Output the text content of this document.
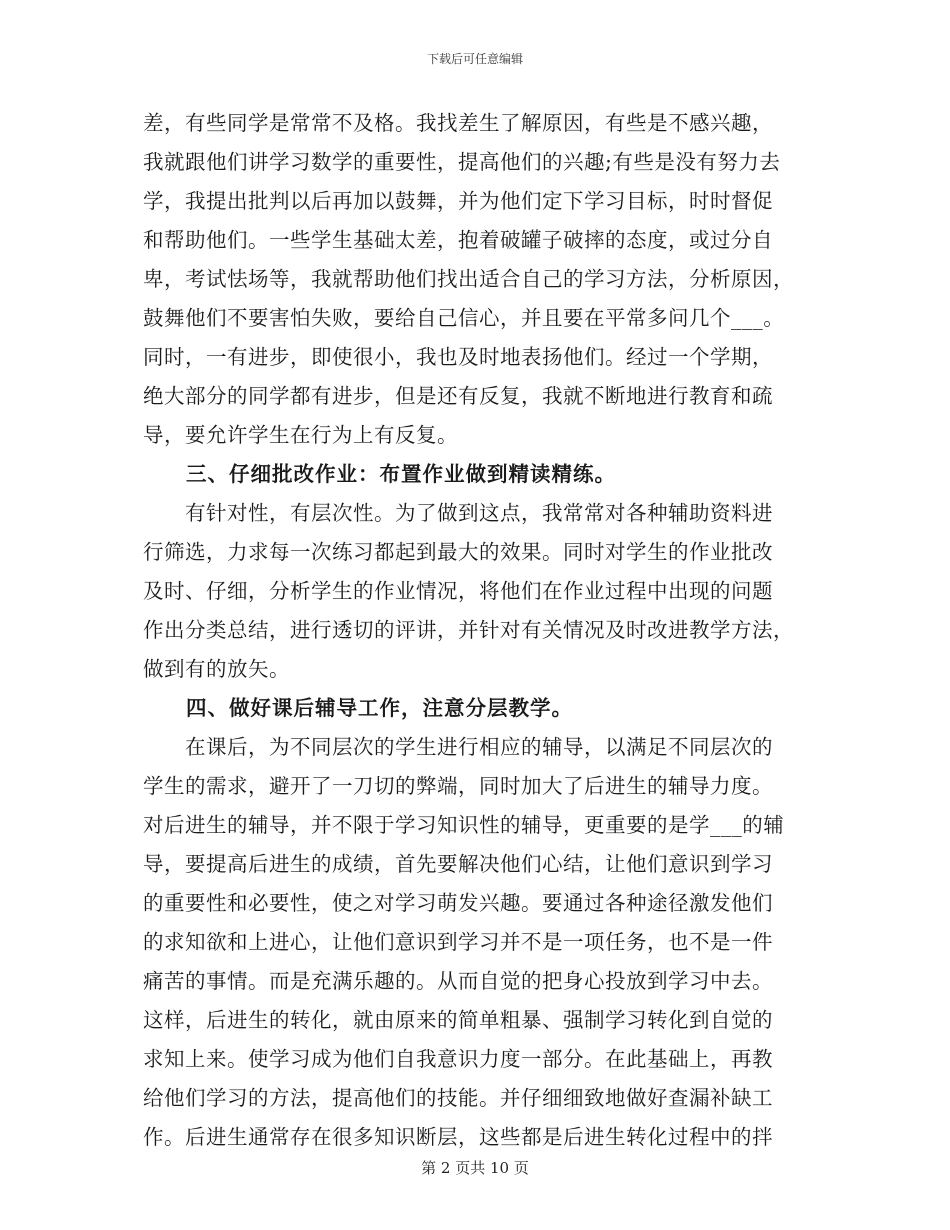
下载后可任意编辑
差，有些同学是常常不及格。我找差生了解原因，有些是不感兴趣，
我就跟他们讲学习数学的重要性，提高他们的兴趣;有些是没有努力去
学，我提出批判以后再加以鼓舞，并为他们定下学习目标，时时督促
和帮助他们。一些学生基础太差，抱着破罐子破摔的态度，或过分自
卑，考试怯场等，我就帮助他们找出适合自己的学习方法，分析原因，
鼓舞他们不要害怕失败，要给自己信心，并且要在平常多问几个___。
同时，一有进步，即使很小，我也及时地表扬他们。经过一个学期，
绝大部分的同学都有进步，但是还有反复，我就不断地进行教育和疏
导，要允许学生在行为上有反复。
　　三、仔细批改作业：布置作业做到精读精练。
　　有针对性，有层次性。为了做到这点，我常常对各种辅助资料进
行筛选，力求每一次练习都起到最大的效果。同时对学生的作业批改
及时、仔细，分析学生的作业情况，将他们在作业过程中出现的问题
作出分类总结，进行透切的评讲，并针对有关情况及时改进教学方法，
做到有的放矢。
　　四、做好课后辅导工作，注意分层教学。
　　在课后，为不同层次的学生进行相应的辅导，以满足不同层次的
学生的需求，避开了一刀切的弊端，同时加大了后进生的辅导力度。
对后进生的辅导，并不限于学习知识性的辅导，更重要的是学___的辅
导，要提高后进生的成绩，首先要解决他们心结，让他们意识到学习
的重要性和必要性，使之对学习萌发兴趣。要通过各种途径激发他们
的求知欲和上进心，让他们意识到学习并不是一项任务，也不是一件
痛苦的事情。而是充满乐趣的。从而自觉的把身心投放到学习中去。
这样，后进生的转化，就由原来的简单粗暴、强制学习转化到自觉的
求知上来。使学习成为他们自我意识力度一部分。在此基础上，再教
给他们学习的方法，提高他们的技能。并仔细细致地做好查漏补缺工
作。后进生通常存在很多知识断层，这些都是后进生转化过程中的拌
第 2 页共 10 页
